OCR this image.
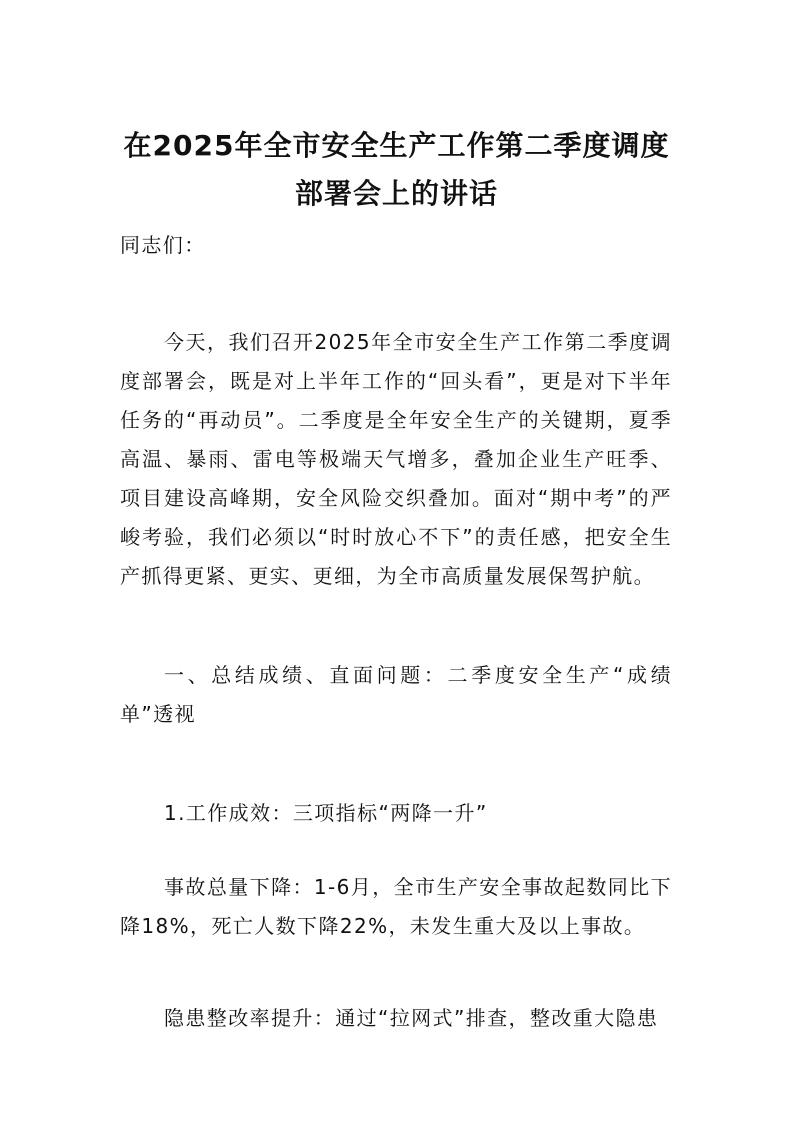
在2025年全市安全生产工作第二季度调度
部署会上的讲话

同志们：

今天，我们召开2025年全市安全生产工作第二季度调度部署会，既是对上半年工作的“回头看”，更是对下半年任务的“再动员”。二季度是全年安全生产的关键期，夏季高温、暴雨、雷电等极端天气增多，叠加企业生产旺季、项目建设高峰期，安全风险交织叠加。面对“期中考”的严峻考验，我们必须以“时时放心不下”的责任感，把安全生产抓得更紧、更实、更细，为全市高质量发展保驾护航。

一、总结成绩、直面问题：二季度安全生产“成绩单”透视

1.工作成效：三项指标“两降一升”

事故总量下降：1-6月，全市生产安全事故起数同比下降18%，死亡人数下降22%，未发生重大及以上事故。

隐患整改率提升：通过“拉网式”排查，整改重大隐患
